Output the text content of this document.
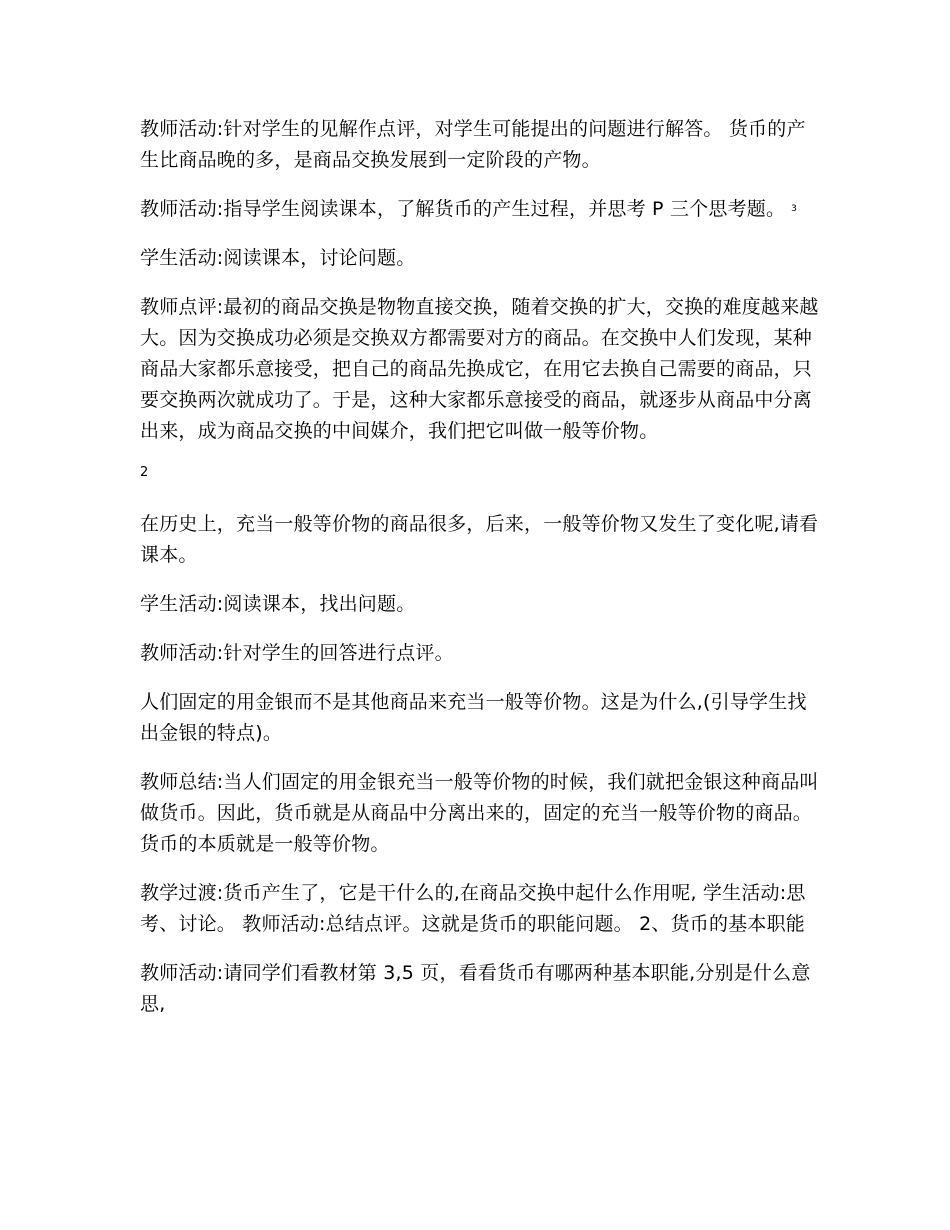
教师活动:针对学生的见解作点评，对学生可能提出的问题进行解答。 货币的产生比商品晚的多，是商品交换发展到一定阶段的产物。

教师活动:指导学生阅读课本，了解货币的产生过程，并思考 P 三个思考题。 3

学生活动:阅读课本，讨论问题。

教师点评:最初的商品交换是物物直接交换，随着交换的扩大，交换的难度越来越大。因为交换成功必须是交换双方都需要对方的商品。在交换中人们发现，某种商品大家都乐意接受，把自己的商品先换成它，在用它去换自己需要的商品，只要交换两次就成功了。于是，这种大家都乐意接受的商品，就逐步从商品中分离出来，成为商品交换的中间媒介，我们把它叫做一般等价物。

2

在历史上，充当一般等价物的商品很多，后来，一般等价物又发生了变化呢,请看课本。

学生活动:阅读课本，找出问题。

教师活动:针对学生的回答进行点评。

人们固定的用金银而不是其他商品来充当一般等价物。这是为什么,(引导学生找出金银的特点)。

教师总结:当人们固定的用金银充当一般等价物的时候，我们就把金银这种商品叫做货币。因此，货币就是从商品中分离出来的，固定的充当一般等价物的商品。货币的本质就是一般等价物。

教学过渡:货币产生了，它是干什么的,在商品交换中起什么作用呢, 学生活动:思考、讨论。 教师活动:总结点评。这就是货币的职能问题。 2、货币的基本职能

教师活动:请同学们看教材第 3,5 页，看看货币有哪两种基本职能,分别是什么意思,
